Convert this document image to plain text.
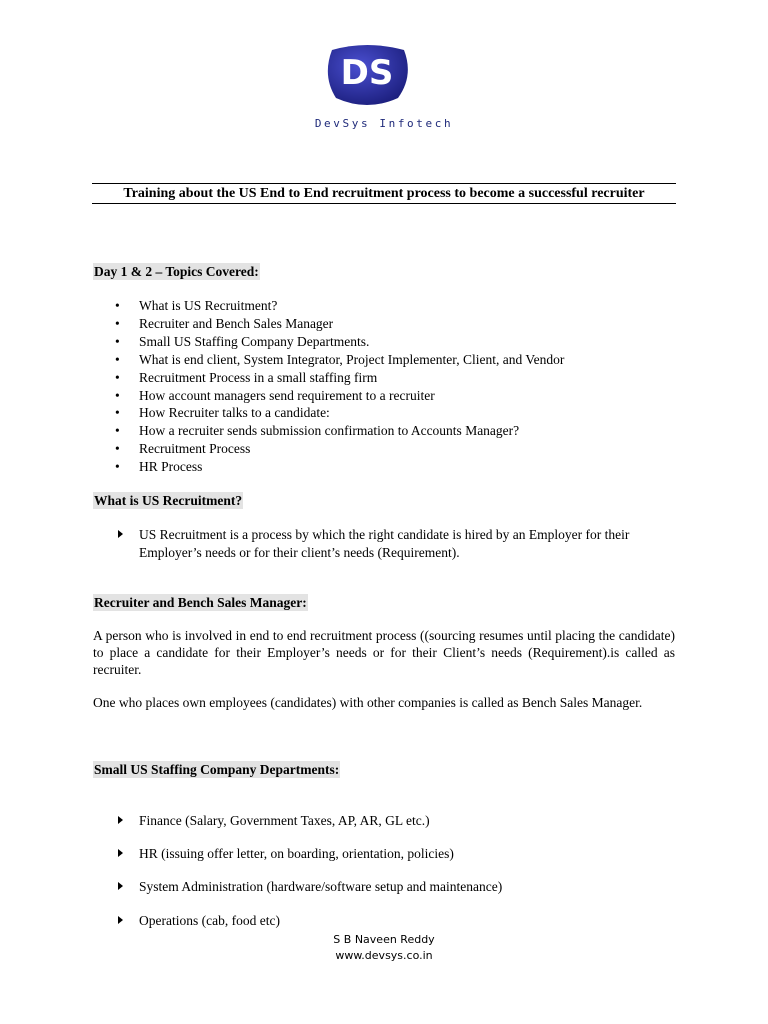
DS
DevSys Infotech
Training about the US End to End recruitment process to become a successful recruiter
Day 1 & 2 – Topics Covered:
• What is US Recruitment?
• Recruiter and Bench Sales Manager
• Small US Staffing Company Departments.
• What is end client, System Integrator, Project Implementer, Client, and Vendor
• Recruitment Process in a small staffing firm
• How account managers send requirement to a recruiter
• How Recruiter talks to a candidate:
• How a recruiter sends submission confirmation to Accounts Manager?
• Recruitment Process
• HR Process
What is US Recruitment?
US Recruitment is a process by which the right candidate is hired by an Employer for their Employer’s needs or for their client’s needs (Requirement).
Recruiter and Bench Sales Manager:
A person who is involved in end to end recruitment process ((sourcing resumes until placing the candidate) to place a candidate for their Employer’s needs or for their Client’s needs (Requirement).is called as recruiter.
One who places own employees (candidates) with other companies is called as Bench Sales Manager.
Small US Staffing Company Departments:
Finance (Salary, Government Taxes, AP, AR, GL etc.)
HR (issuing offer letter, on boarding, orientation, policies)
System Administration (hardware/software setup and maintenance)
Operations (cab, food etc)
S B Naveen Reddy
www.devsys.co.in
